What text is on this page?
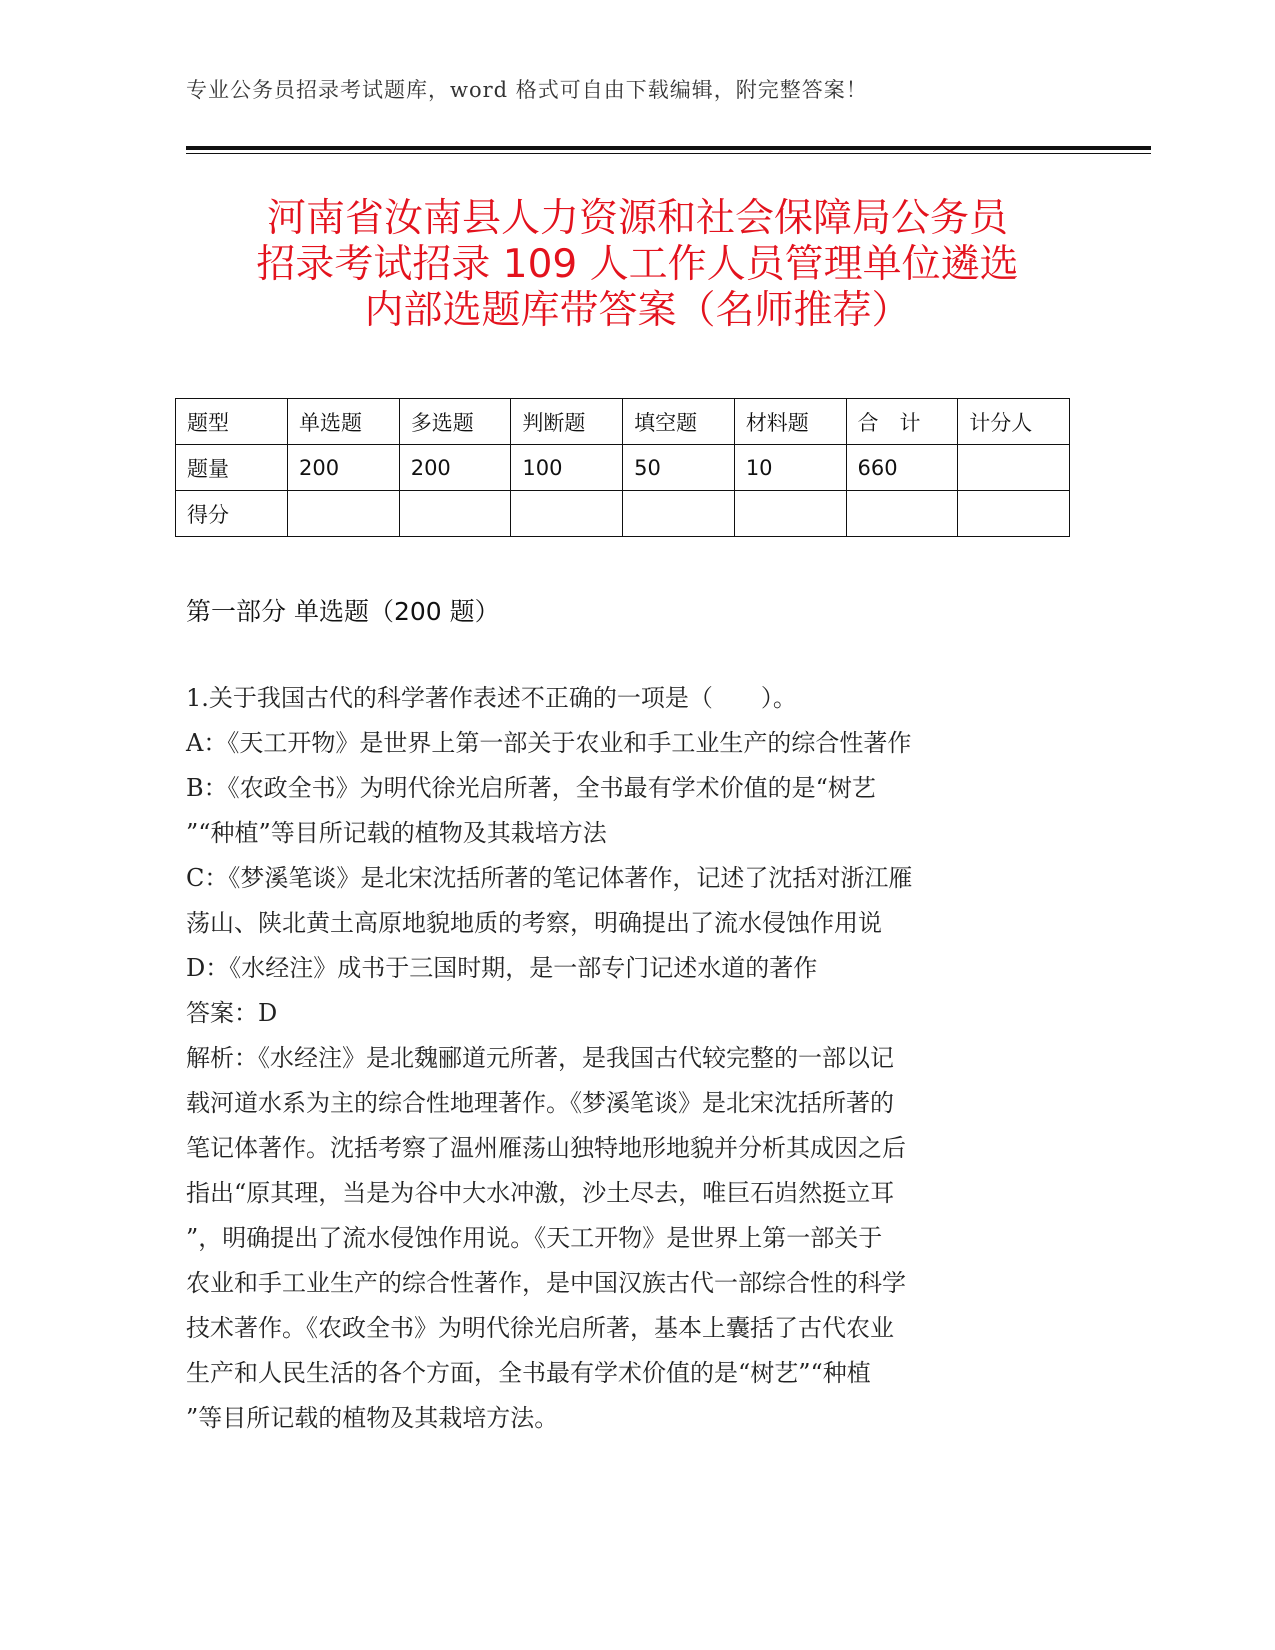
专业公务员招录考试题库，word 格式可自由下载编辑，附完整答案！
河南省汝南县人力资源和社会保障局公务员
招录考试招录 109 人工作人员管理单位遴选
内部选题库带答案（名师推荐）
题型	单选题	多选题	判断题	填空题	材料题	合　计	计分人
题量	200	200	100	50	10	660	
得分							
第一部分 单选题（200 题）
1.关于我国古代的科学著作表述不正确的一项是（　　）。
A：《天工开物》是世界上第一部关于农业和手工业生产的综合性著作
B：《农政全书》为明代徐光启所著，全书最有学术价值的是“树艺
”“种植”等目所记载的植物及其栽培方法
C：《梦溪笔谈》是北宋沈括所著的笔记体著作，记述了沈括对浙江雁
荡山、陕北黄土高原地貌地质的考察，明确提出了流水侵蚀作用说
D：《水经注》成书于三国时期，是一部专门记述水道的著作
答案：D
解析：《水经注》是北魏郦道元所著，是我国古代较完整的一部以记
载河道水系为主的综合性地理著作。《梦溪笔谈》是北宋沈括所著的
笔记体著作。沈括考察了温州雁荡山独特地形地貌并分析其成因之后
指出“原其理，当是为谷中大水冲激，沙土尽去，唯巨石岿然挺立耳
”，明确提出了流水侵蚀作用说。《天工开物》是世界上第一部关于
农业和手工业生产的综合性著作，是中国汉族古代一部综合性的科学
技术著作。《农政全书》为明代徐光启所著，基本上囊括了古代农业
生产和人民生活的各个方面，全书最有学术价值的是“树艺”“种植
”等目所记载的植物及其栽培方法。
